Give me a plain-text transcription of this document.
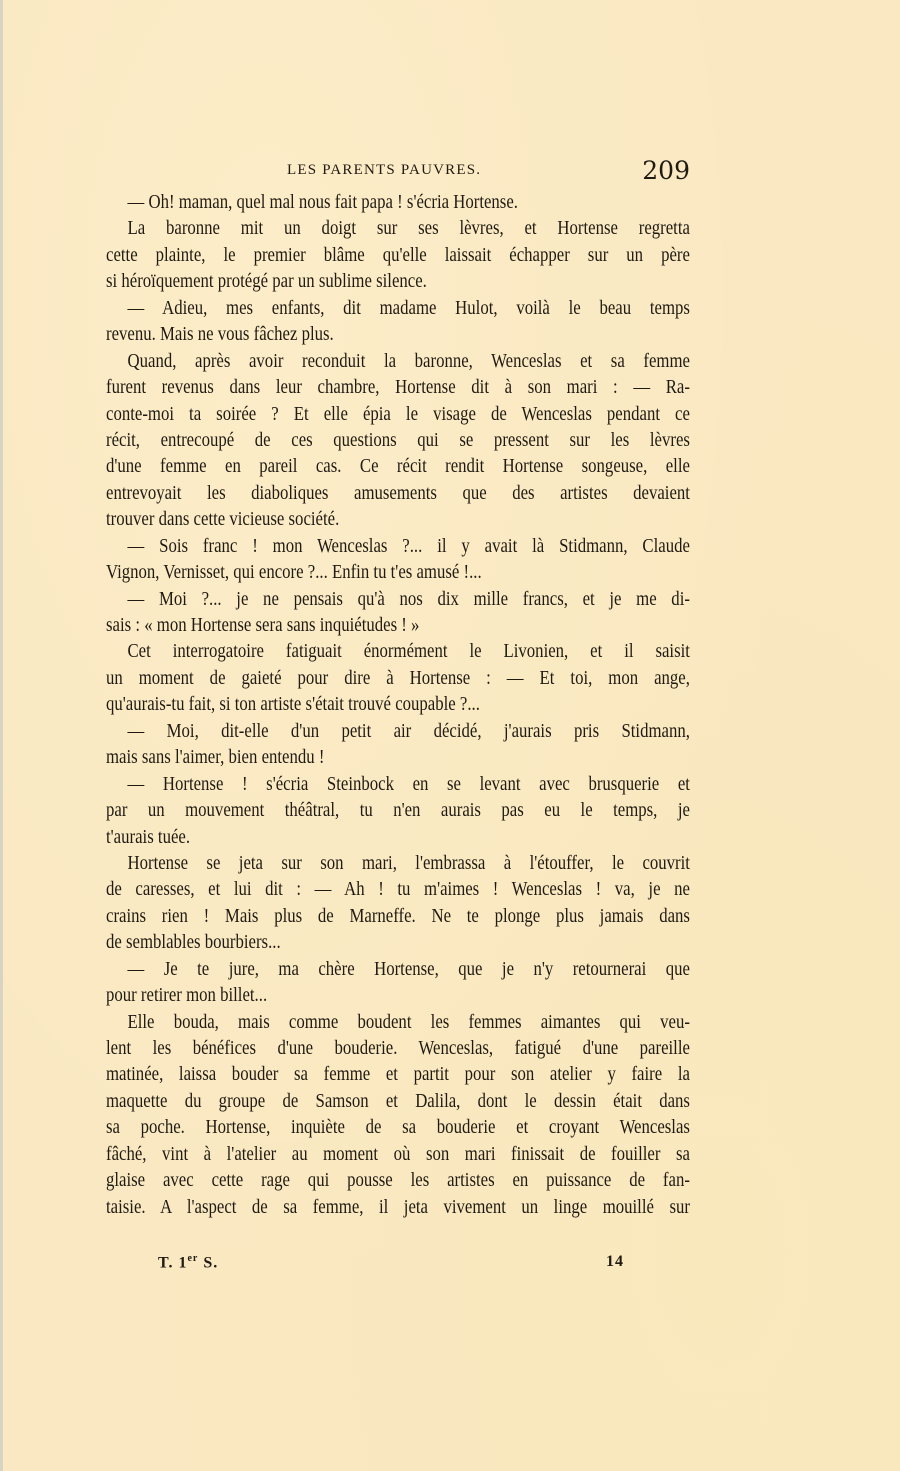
LES PARENTS PAUVRES.	209
— Oh! maman, quel mal nous fait papa ! s'écria Hortense.
La baronne mit un doigt sur ses lèvres, et Hortense regretta
cette plainte, le premier blâme qu'elle laissait échapper sur un père
si héroïquement protégé par un sublime silence.
— Adieu, mes enfants, dit madame Hulot, voilà le beau temps
revenu. Mais ne vous fâchez plus.
Quand, après avoir reconduit la baronne, Wenceslas et sa femme
furent revenus dans leur chambre, Hortense dit à son mari : — Ra-
conte-moi ta soirée ? Et elle épia le visage de Wenceslas pendant ce
récit, entrecoupé de ces questions qui se pressent sur les lèvres
d'une femme en pareil cas. Ce récit rendit Hortense songeuse, elle
entrevoyait les diaboliques amusements que des artistes devaient
trouver dans cette vicieuse société.
— Sois franc ! mon Wenceslas ?... il y avait là Stidmann, Claude
Vignon, Vernisset, qui encore ?... Enfin tu t'es amusé !...
— Moi ?... je ne pensais qu'à nos dix mille francs, et je me di-
sais : « mon Hortense sera sans inquiétudes ! »
Cet interrogatoire fatiguait énormément le Livonien, et il saisit
un moment de gaieté pour dire à Hortense : — Et toi, mon ange,
qu'aurais-tu fait, si ton artiste s'était trouvé coupable ?...
— Moi, dit-elle d'un petit air décidé, j'aurais pris Stidmann,
mais sans l'aimer, bien entendu !
— Hortense ! s'écria Steinbock en se levant avec brusquerie et
par un mouvement théâtral, tu n'en aurais pas eu le temps, je
t'aurais tuée.
Hortense se jeta sur son mari, l'embrassa à l'étouffer, le couvrit
de caresses, et lui dit : — Ah ! tu m'aimes ! Wenceslas ! va, je ne
crains rien ! Mais plus de Marneffe. Ne te plonge plus jamais dans
de semblables bourbiers...
— Je te jure, ma chère Hortense, que je n'y retournerai que
pour retirer mon billet...
Elle bouda, mais comme boudent les femmes aimantes qui veu-
lent les bénéfices d'une bouderie. Wenceslas, fatigué d'une pareille
matinée, laissa bouder sa femme et partit pour son atelier y faire la
maquette du groupe de Samson et Dalila, dont le dessin était dans
sa poche. Hortense, inquiète de sa bouderie et croyant Wenceslas
fâché, vint à l'atelier au moment où son mari finissait de fouiller sa
glaise avec cette rage qui pousse les artistes en puissance de fan-
taisie. A l'aspect de sa femme, il jeta vivement un linge mouillé sur
T. 1er S.	14
